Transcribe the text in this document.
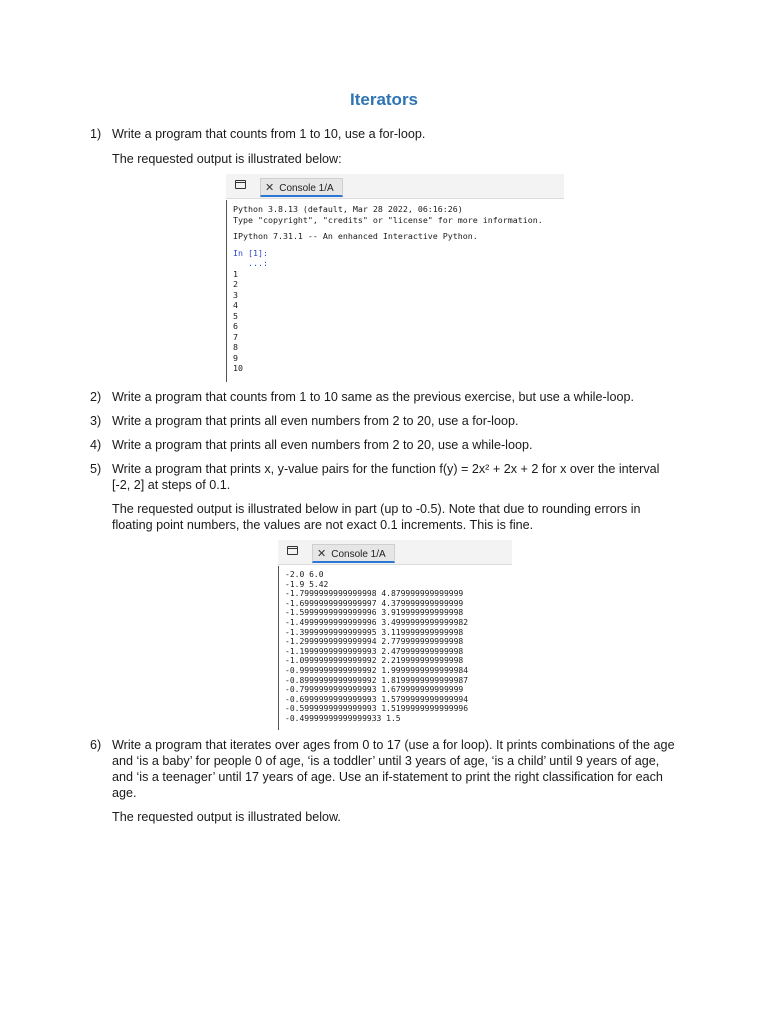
Iterators
1) Write a program that counts from 1 to 10, use a for-loop.
The requested output is illustrated below:
✕ Console 1/A
Python 3.8.13 (default, Mar 28 2022, 06:16:26)
Type "copyright", "credits" or "license" for more information.
IPython 7.31.1 -- An enhanced Interactive Python.
In [1]:
...:
1
2
3
4
5
6
7
8
9
10
2) Write a program that counts from 1 to 10 same as the previous exercise, but use a while-loop.
3) Write a program that prints all even numbers from 2 to 20, use a for-loop.
4) Write a program that prints all even numbers from 2 to 20, use a while-loop.
5) Write a program that prints x, y-value pairs for the function f(y) = 2x² + 2x + 2 for x over the interval [-2, 2] at steps of 0.1.
The requested output is illustrated below in part (up to -0.5). Note that due to rounding errors in floating point numbers, the values are not exact 0.1 increments. This is fine.
✕ Console 1/A
-2.0 6.0
-1.9 5.42
-1.7999999999999998 4.879999999999999
-1.6999999999999997 4.379999999999999
-1.5999999999999996 3.919999999999998
-1.4999999999999996 3.4999999999999982
-1.3999999999999995 3.119999999999998
-1.2999999999999994 2.779999999999998
-1.1999999999999993 2.479999999999998
-1.0999999999999992 2.219999999999998
-0.9999999999999992 1.9999999999999984
-0.8999999999999992 1.8199999999999987
-0.7999999999999993 1.679999999999999
-0.6999999999999993 1.5799999999999994
-0.5999999999999993 1.5199999999999996
-0.49999999999999933 1.5
6) Write a program that iterates over ages from 0 to 17 (use a for loop). It prints combinations of the age and ‘is a baby’ for people 0 of age, ‘is a toddler’ until 3 years of age, ‘is a child’ until 9 years of age, and ‘is a teenager’ until 17 years of age. Use an if-statement to print the right classification for each age.
The requested output is illustrated below.
